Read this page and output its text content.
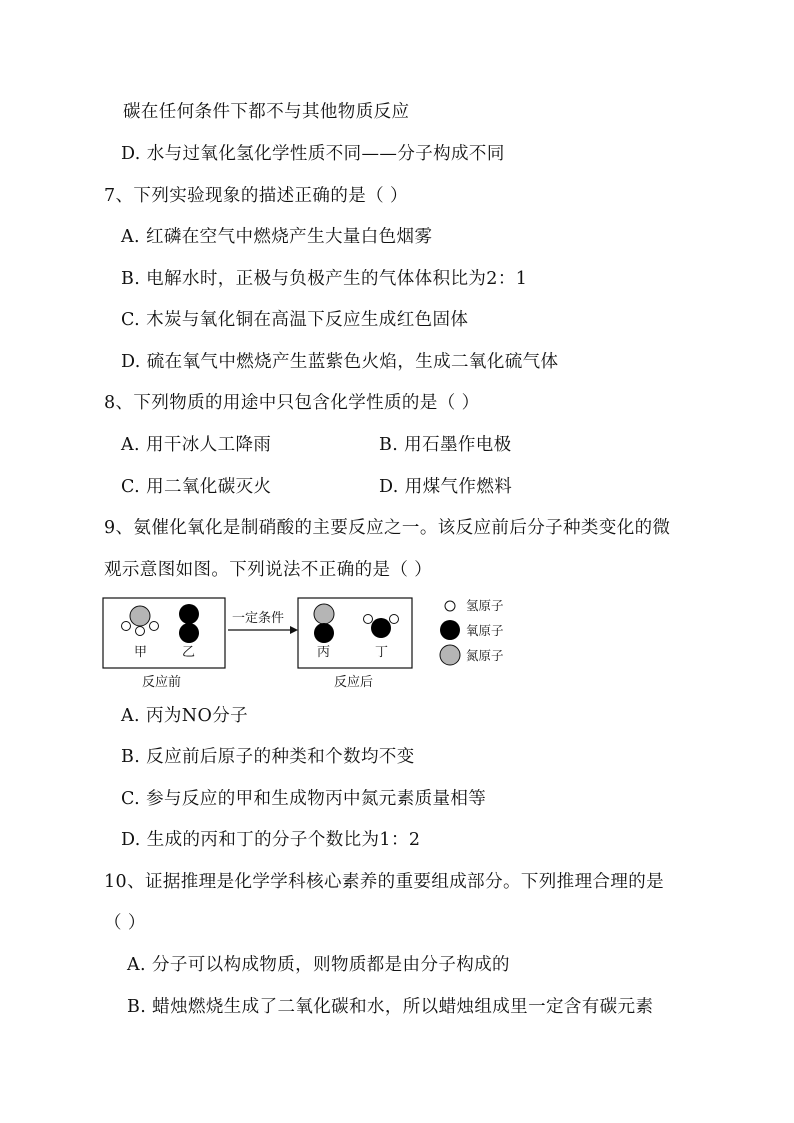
碳在任何条件下都不与其他物质反应
D. 水与过氧化氢化学性质不同——分子构成不同
7、下列实验现象的描述正确的是（ ）
A. 红磷在空气中燃烧产生大量白色烟雾
B. 电解水时，正极与负极产生的气体体积比为2：1
C. 木炭与氧化铜在高温下反应生成红色固体
D. 硫在氧气中燃烧产生蓝紫色火焰，生成二氧化硫气体
8、下列物质的用途中只包含化学性质的是（ ）
A. 用干冰人工降雨	B. 用石墨作电极
C. 用二氧化碳灭火	D. 用煤气作燃料
9、氨催化氧化是制硝酸的主要反应之一。该反应前后分子种类变化的微
观示意图如图。下列说法不正确的是（ ）
甲	乙
一定条件
丙	丁
反应前	反应后
氢原子
氧原子
氮原子
A. 丙为NO分子
B. 反应前后原子的种类和个数均不变
C. 参与反应的甲和生成物丙中氮元素质量相等
D. 生成的丙和丁的分子个数比为1：2
10、证据推理是化学学科核心素养的重要组成部分。下列推理合理的是
（ ）
A. 分子可以构成物质，则物质都是由分子构成的
B. 蜡烛燃烧生成了二氧化碳和水，所以蜡烛组成里一定含有碳元素
